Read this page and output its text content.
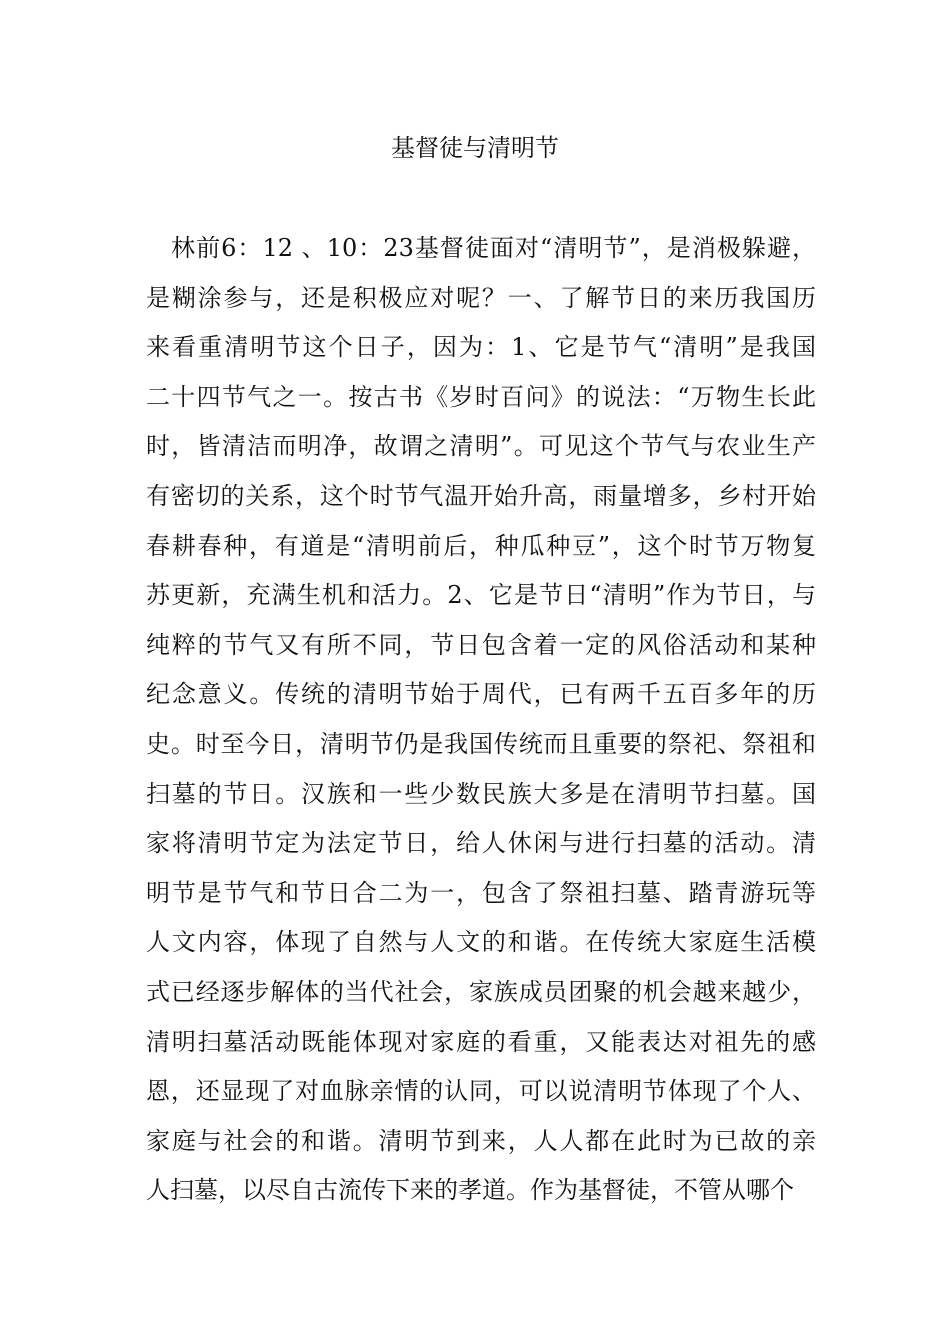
基督徒与清明节
　林前6：12 、10：23基督徒面对“清明节”，是消极躲避，
是糊涂参与，还是积极应对呢？一、了解节日的来历我国历
来看重清明节这个日子，因为：1、它是节气“清明”是我国
二十四节气之一。按古书《岁时百问》的说法：“万物生长此
时，皆清洁而明净，故谓之清明”。可见这个节气与农业生产
有密切的关系，这个时节气温开始升高，雨量增多，乡村开始
春耕春种，有道是“清明前后，种瓜种豆”，这个时节万物复
苏更新，充满生机和活力。2、它是节日“清明”作为节日，与
纯粹的节气又有所不同，节日包含着一定的风俗活动和某种
纪念意义。传统的清明节始于周代，已有两千五百多年的历
史。时至今日，清明节仍是我国传统而且重要的祭祀、祭祖和
扫墓的节日。汉族和一些少数民族大多是在清明节扫墓。国
家将清明节定为法定节日，给人休闲与进行扫墓的活动。清
明节是节气和节日合二为一，包含了祭祖扫墓、踏青游玩等
人文内容，体现了自然与人文的和谐。在传统大家庭生活模
式已经逐步解体的当代社会，家族成员团聚的机会越来越少，
清明扫墓活动既能体现对家庭的看重，又能表达对祖先的感
恩，还显现了对血脉亲情的认同，可以说清明节体现了个人、
家庭与社会的和谐。清明节到来，人人都在此时为已故的亲
人扫墓，以尽自古流传下来的孝道。作为基督徒，不管从哪个
